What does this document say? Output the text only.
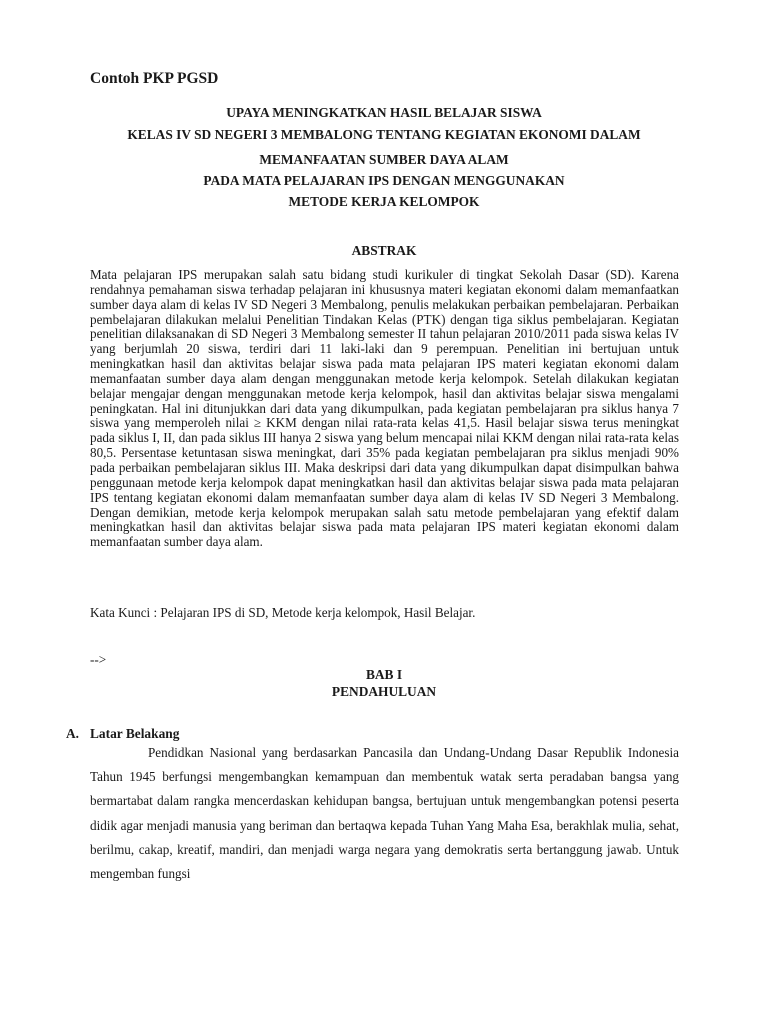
Contoh PKP PGSD
UPAYA MENINGKATKAN HASIL BELAJAR SISWA
KELAS IV SD NEGERI 3 MEMBALONG TENTANG KEGIATAN EKONOMI DALAM
MEMANFAATAN SUMBER DAYA ALAM
PADA MATA PELAJARAN IPS DENGAN MENGGUNAKAN
METODE KERJA KELOMPOK
ABSTRAK

Mata pelajaran IPS merupakan salah satu bidang studi kurikuler di tingkat Sekolah Dasar (SD). Karena rendahnya pemahaman siswa terhadap pelajaran ini khususnya materi kegiatan ekonomi dalam memanfaatkan sumber daya alam di kelas IV SD Negeri 3 Membalong, penulis melakukan perbaikan pembelajaran. Perbaikan pembelajaran dilakukan melalui Penelitian Tindakan Kelas (PTK) dengan tiga siklus pembelajaran. Kegiatan penelitian dilaksanakan di SD Negeri 3 Membalong semester II tahun pelajaran 2010/2011 pada siswa kelas IV yang berjumlah 20 siswa, terdiri dari 11 laki-laki dan 9 perempuan. Penelitian ini bertujuan untuk meningkatkan hasil dan aktivitas belajar siswa pada mata pelajaran IPS materi kegiatan ekonomi dalam memanfaatan sumber daya alam dengan menggunakan metode kerja kelompok. Setelah dilakukan kegiatan belajar mengajar dengan menggunakan metode kerja kelompok, hasil dan aktivitas belajar siswa mengalami peningkatan. Hal ini ditunjukkan dari data yang dikumpulkan, pada kegiatan pembelajaran pra siklus hanya 7 siswa yang memperoleh nilai ≥ KKM dengan nilai rata-rata kelas 41,5. Hasil belajar siswa terus meningkat pada siklus I, II, dan pada siklus III hanya 2 siswa yang belum mencapai nilai KKM dengan nilai rata-rata kelas 80,5. Persentase ketuntasan siswa meningkat, dari 35% pada kegiatan pembelajaran pra siklus menjadi 90% pada perbaikan pembelajaran siklus III. Maka deskripsi dari data yang dikumpulkan dapat disimpulkan bahwa penggunaan metode kerja kelompok dapat meningkatkan hasil dan aktivitas belajar siswa pada mata pelajaran IPS tentang kegiatan ekonomi dalam memanfaatan sumber daya alam di kelas IV SD Negeri 3 Membalong. Dengan demikian, metode kerja kelompok merupakan salah satu metode pembelajaran yang efektif dalam meningkatkan hasil dan aktivitas belajar siswa pada mata pelajaran IPS materi kegiatan ekonomi dalam memanfaatan sumber daya alam.

Kata Kunci : Pelajaran IPS di SD, Metode kerja kelompok, Hasil Belajar.
-->
BAB I
PENDAHULUAN
A. Latar Belakang

Pendidkan Nasional yang berdasarkan Pancasila dan Undang-Undang Dasar Republik Indonesia Tahun 1945 berfungsi mengembangkan kemampuan dan membentuk watak serta peradaban bangsa yang bermartabat dalam rangka mencerdaskan kehidupan bangsa, bertujuan untuk mengembangkan potensi peserta didik agar menjadi manusia yang beriman dan bertaqwa kepada Tuhan Yang Maha Esa, berakhlak mulia, sehat, berilmu, cakap, kreatif, mandiri, dan menjadi warga negara yang demokratis serta bertanggung jawab. Untuk mengemban fungsi
